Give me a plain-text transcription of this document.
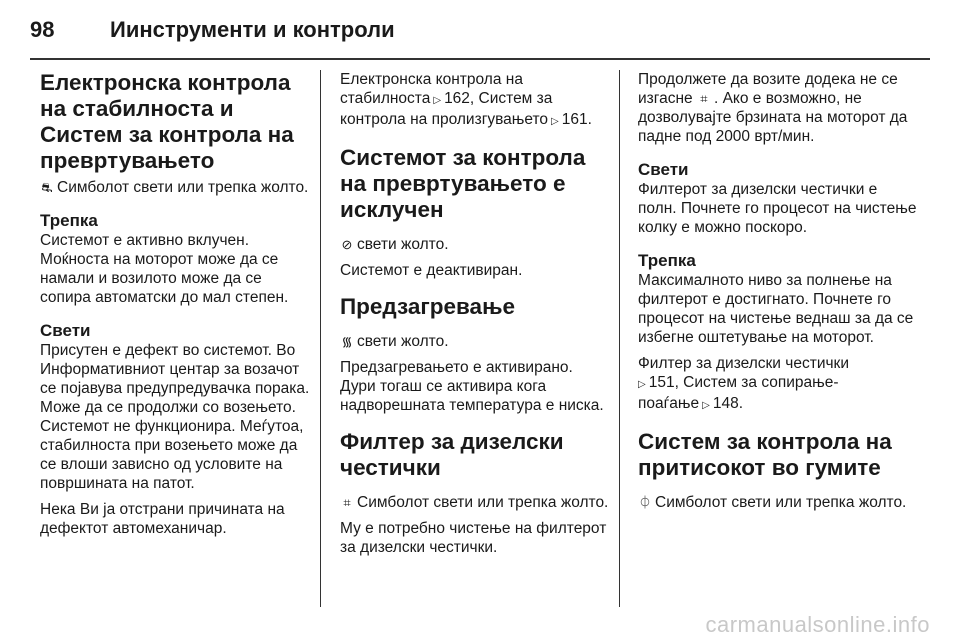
98	Иинструменти и контроли
Електронска контрола на стабилноста и Систем за контрола на превртувањето

⛐ Симболот свети или трепка жолто.

Трепка

Системот е активно вклучен. Моќноста на моторот може да се намали и возилото може да се сопира автоматски до мал степен.

Свети

Присутен е дефект во системот. Во Информативниот центар за возачот се појавува предупредувачка порака. Може да се продолжи со возењето. Системот не функционира. Меѓутоа, стабилноста при возењето може да се влоши зависно од условите на површината на патот.

Нека Ви ја отстрани причината на дефектот автомеханичар.

Електронска контрола на стабилноста ▷ 162, Систем за контрола на пролизгувањето ▷ 161.

Системот за контрола на превртувањето е исклучен

⊘ свети жолто.

Системот е деактивиран.

Предзагревање

᯾ свети жолто.

Предзагревањето е активирано. Дури тогаш се активира кога надворешната температура е ниска.

Филтер за дизелски честички

⌗ Симболот свети или трепка жолто.

Му е потребно чистење на филтерот за дизелски честички.

Продолжете да возите додека не се изгасне ⌗ . Ако е возможно, не дозволувајте брзината на моторот да падне под 2000 врт/мин.

Свети

Филтерот за дизелски честички е полн. Почнете го процесот на чистење колку е можно поскоро.

Трепка

Максималното ниво за полнење на филтерот е достигнато. Почнете го процесот на чистење веднаш за да се избегне оштетување на моторот.

Филтер за дизелски честички
▷ 151, Систем за сопирање-поаѓање ▷ 148.

Систем за контрола на притисокот во гумите

⏀ Симболот свети или трепка жолто.

carmanualsonline.info
